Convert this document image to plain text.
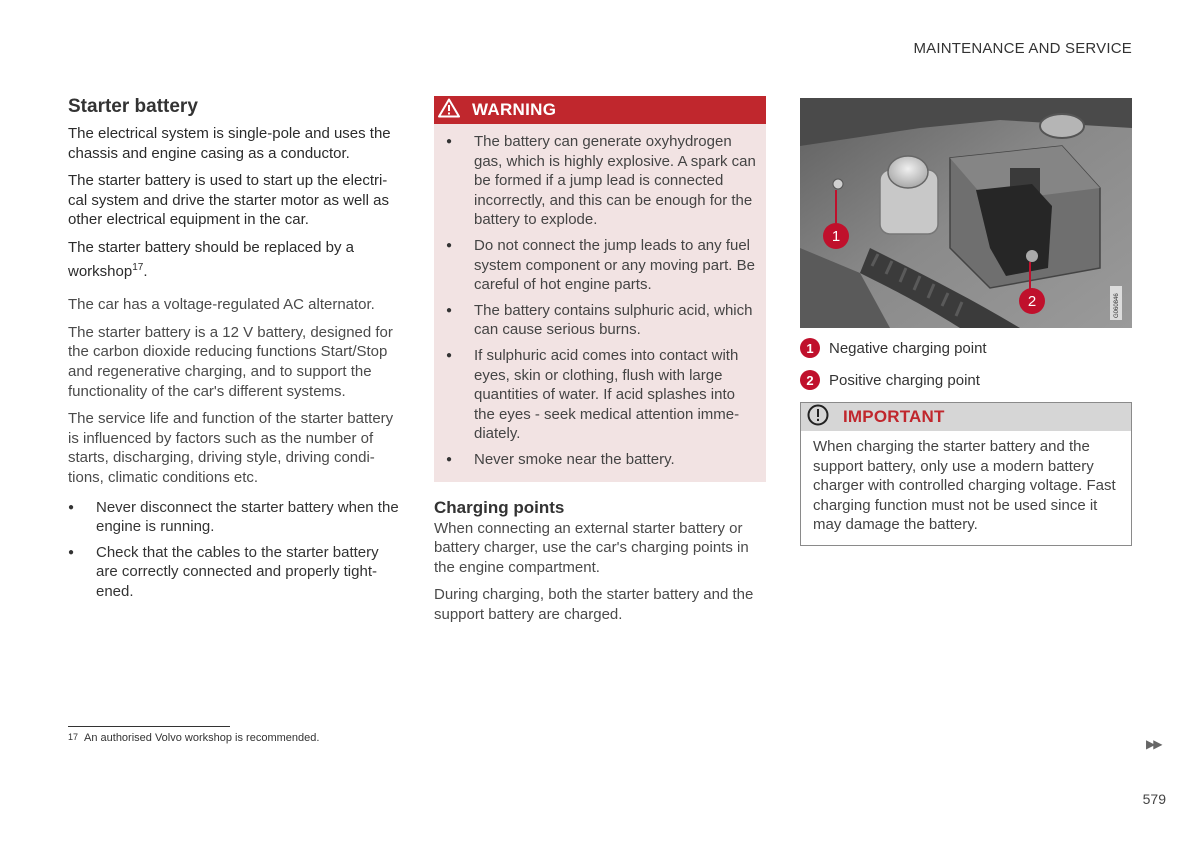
MAINTENANCE AND SERVICE
Starter battery

The electrical system is single-pole and uses the chassis and engine casing as a conductor.

The starter battery is used to start up the electri-cal system and drive the starter motor as well as other electrical equipment in the car.

The starter battery should be replaced by a workshop$^{17}$.

The car has a voltage-regulated AC alternator.

The starter battery is a 12 V battery, designed for the carbon dioxide reducing functions Start/Stop and regenerative charging, and to support the functionality of the car's different systems.

The service life and function of the starter battery is influenced by factors such as the number of starts, discharging, driving style, driving condi-tions, climatic conditions etc.

● Never disconnect the starter battery when the engine is running.
● Check that the cables to the starter battery are correctly connected and properly tight-ened.
WARNING
● The battery can generate oxyhydrogen gas, which is highly explosive. A spark can be formed if a jump lead is connected incorrectly, and this can be enough for the battery to explode.
● Do not connect the jump leads to any fuel system component or any moving part. Be careful of hot engine parts.
● The battery contains sulphuric acid, which can cause serious burns.
● If sulphuric acid comes into contact with eyes, skin or clothing, flush with large quantities of water. If acid splashes into the eyes - seek medical attention imme-diately.
● Never smoke near the battery.
Charging points

When connecting an external starter battery or battery charger, use the car's charging points in the engine compartment.

During charging, both the starter battery and the support battery are charged.

1
2	G060846
1	Negative charging point
2	Positive charging point
IMPORTANT
When charging the starter battery and the support battery, only use a modern battery charger with controlled charging voltage. Fast charging function must not be used since it may damage the battery.
17 An authorised Volvo workshop is recommended.	▶▶
579
